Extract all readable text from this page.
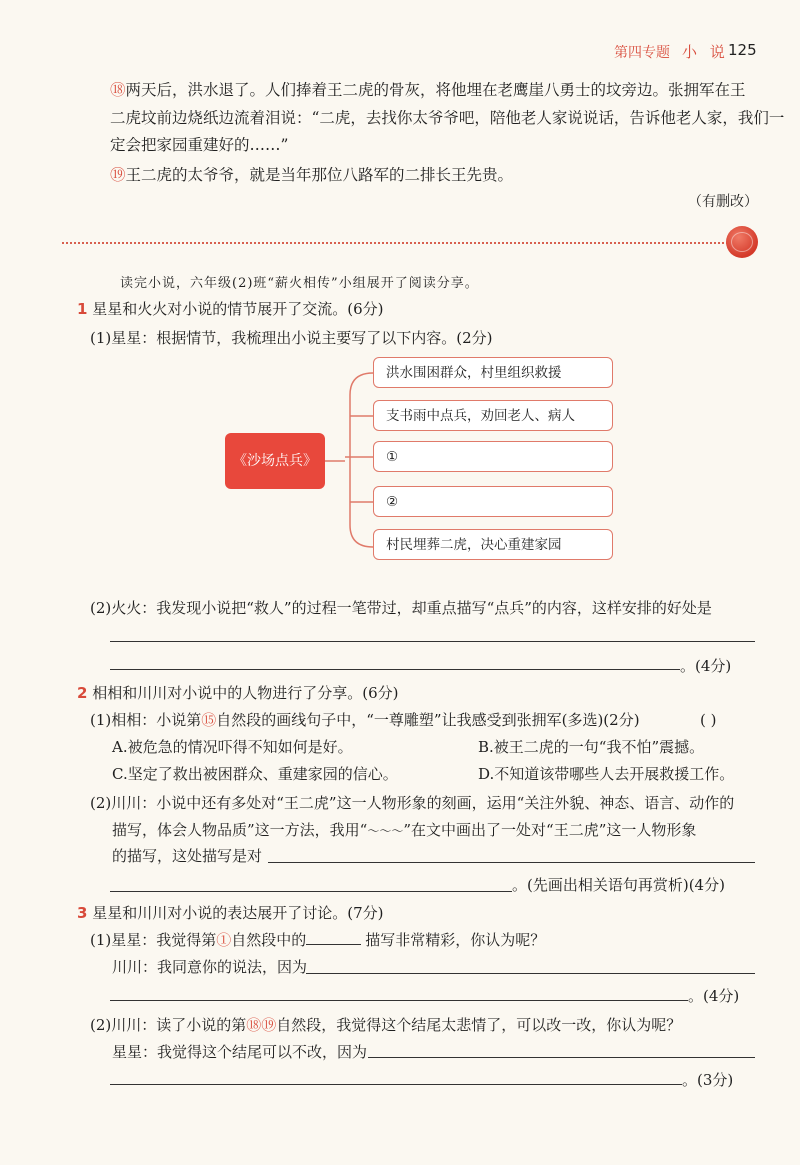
第四专题 小 说 125
⑱两天后，洪水退了。人们捧着王二虎的骨灰，将他埋在老鹰崖八勇士的坟旁边。张拥军在王
二虎坟前边烧纸边流着泪说：“二虎，去找你太爷爷吧，陪他老人家说说话，告诉他老人家，我们一
定会把家园重建好的……”
⑲王二虎的太爷爷，就是当年那位八路军的二排长王先贵。
（有删改）
读完小说，六年级(2)班“薪火相传”小组展开了阅读分享。
1 星星和火火对小说的情节展开了交流。(6分)
(1)星星：根据情节，我梳理出小说主要写了以下内容。(2分)
《沙场点兵》
洪水围困群众，村里组织救援
支书雨中点兵，劝回老人、病人
①
②
村民埋葬二虎，决心重建家园
(2)火火：我发现小说把“救人”的过程一笔带过，却重点描写“点兵”的内容，这样安排的好处是
。(4分)
2 相相和川川对小说中的人物进行了分享。(6分)
(1)相相：小说第⑮自然段的画线句子中，“一尊雕塑”让我感受到张拥军(多选)(2分)	( )
A.被危急的情况吓得不知如何是好。	B.被王二虎的一句“我不怕”震撼。
C.坚定了救出被困群众、重建家园的信心。	D.不知道该带哪些人去开展救援工作。
(2)川川：小说中还有多处对“王二虎”这一人物形象的刻画，运用“关注外貌、神态、语言、动作的
描写，体会人物品质”这一方法，我用“～～～”在文中画出了一处对“王二虎”这一人物形象
的描写，这处描写是对
。(先画出相关语句再赏析)(4分)
3 星星和川川对小说的表达展开了讨论。(7分)
(1)星星：我觉得第①自然段中的	描写非常精彩，你认为呢？
川川：我同意你的说法，因为
。(4分)
(2)川川：读了小说的第⑱⑲自然段，我觉得这个结尾太悲情了，可以改一改，你认为呢？
星星：我觉得这个结尾可以不改，因为
。(3分)
